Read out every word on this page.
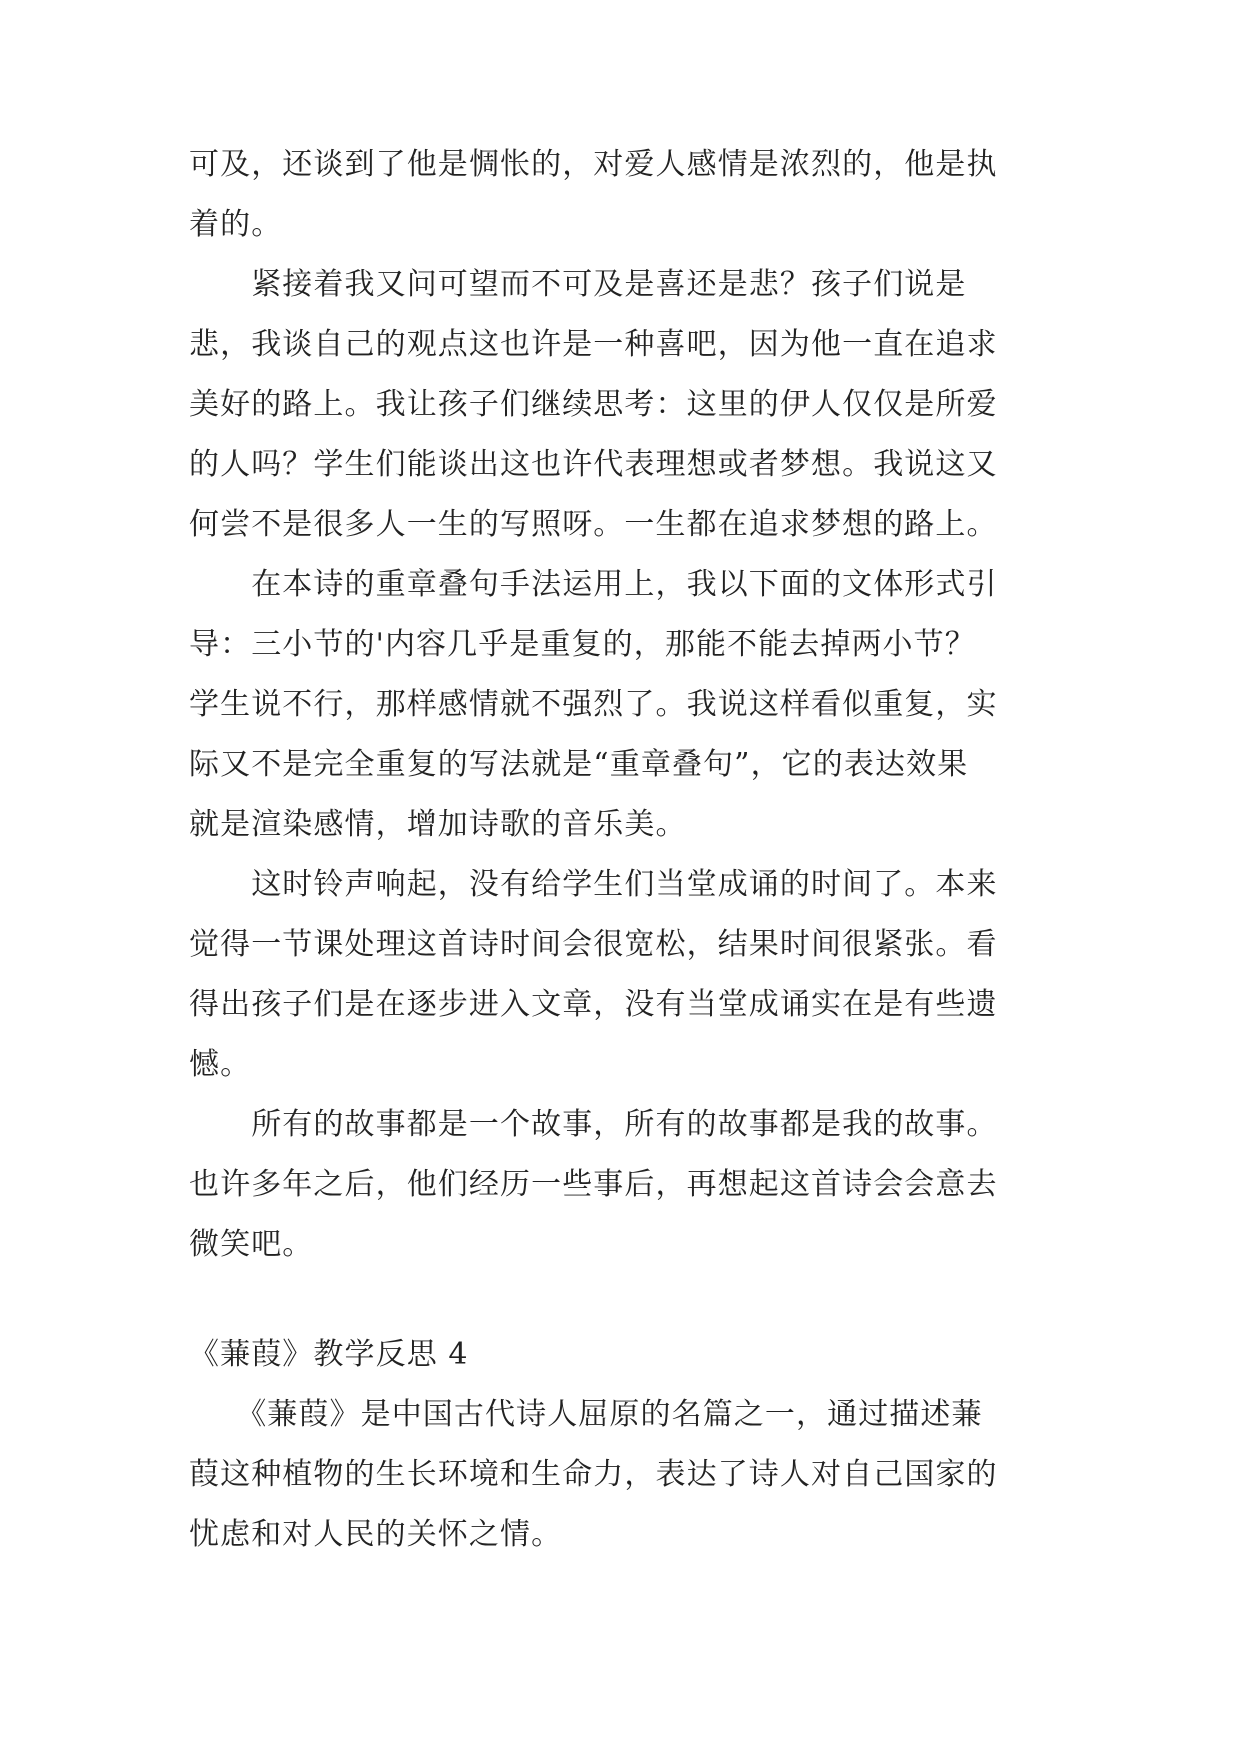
可及，还谈到了他是惆怅的，对爱人感情是浓烈的，他是执
着的。
　　紧接着我又问可望而不可及是喜还是悲？孩子们说是
悲，我谈自己的观点这也许是一种喜吧，因为他一直在追求
美好的路上。我让孩子们继续思考：这里的伊人仅仅是所爱
的人吗？学生们能谈出这也许代表理想或者梦想。我说这又
何尝不是很多人一生的写照呀。一生都在追求梦想的路上。
　　在本诗的重章叠句手法运用上，我以下面的文体形式引
导：三小节的'内容几乎是重复的，那能不能去掉两小节？
学生说不行，那样感情就不强烈了。我说这样看似重复，实
际又不是完全重复的写法就是“重章叠句”，它的表达效果
就是渲染感情，增加诗歌的音乐美。
　　这时铃声响起，没有给学生们当堂成诵的时间了。本来
觉得一节课处理这首诗时间会很宽松，结果时间很紧张。看
得出孩子们是在逐步进入文章，没有当堂成诵实在是有些遗
憾。
　　所有的故事都是一个故事，所有的故事都是我的故事。
也许多年之后，他们经历一些事后，再想起这首诗会会意去
微笑吧。
《蒹葭》教学反思 4
　　《蒹葭》是中国古代诗人屈原的名篇之一，通过描述蒹
葭这种植物的生长环境和生命力，表达了诗人对自己国家的
忧虑和对人民的关怀之情。
